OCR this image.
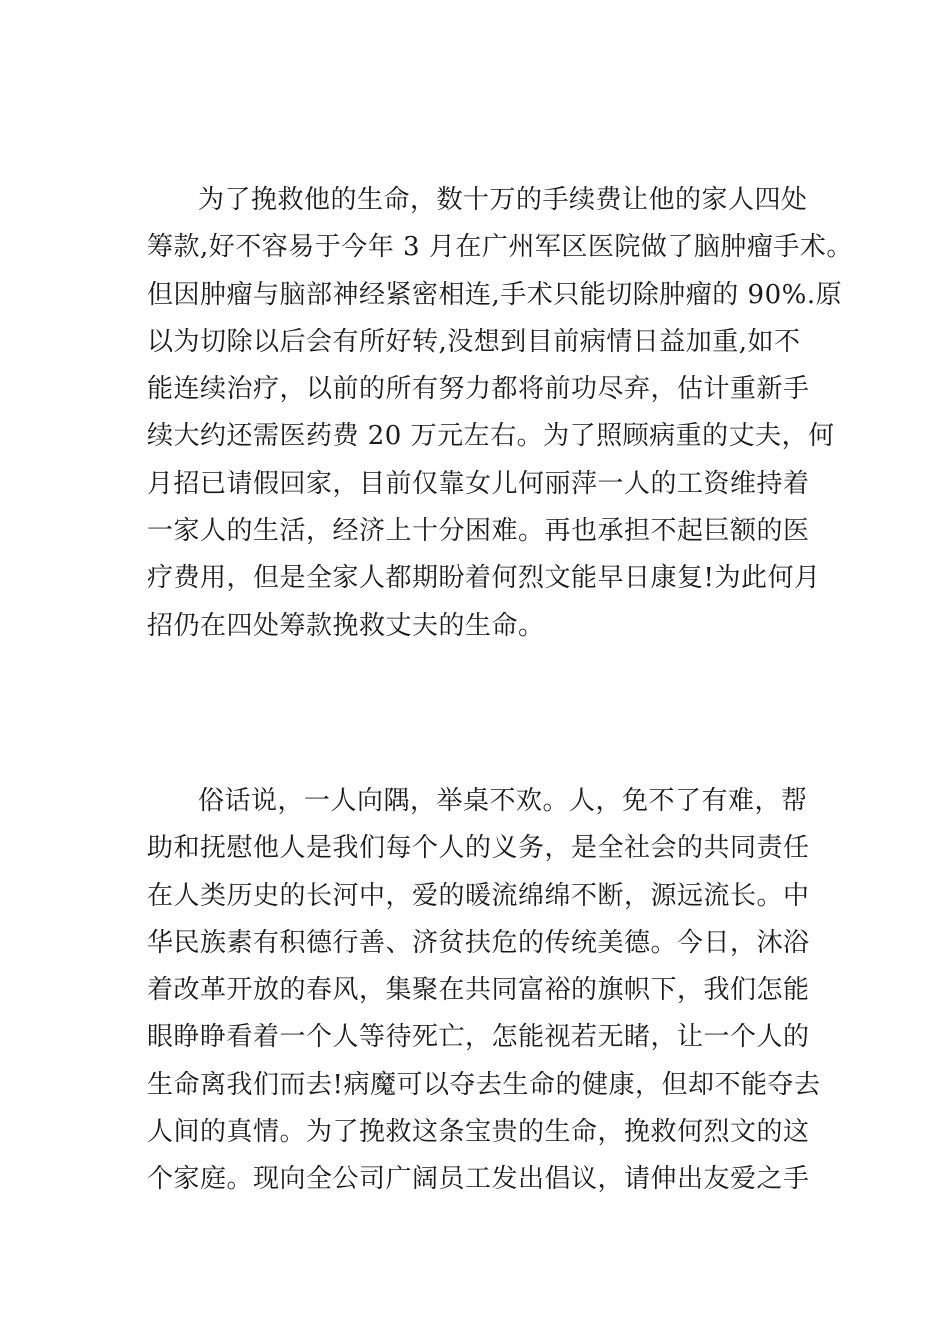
为了挽救他的生命，数十万的手续费让他的家人四处
筹款,好不容易于今年 3 月在广州军区医院做了脑肿瘤手术。
但因肿瘤与脑部神经紧密相连,手术只能切除肿瘤的 90%.原
以为切除以后会有所好转,没想到目前病情日益加重,如不
能连续治疗，以前的所有努力都将前功尽弃，估计重新手
续大约还需医药费 20 万元左右。为了照顾病重的丈夫，何
月招已请假回家，目前仅靠女儿何丽萍一人的工资维持着
一家人的生活，经济上十分困难。再也承担不起巨额的医
疗费用，但是全家人都期盼着何烈文能早日康复!为此何月
招仍在四处筹款挽救丈夫的生命。
俗话说，一人向隅，举桌不欢。人，免不了有难，帮
助和抚慰他人是我们每个人的义务，是全社会的共同责任
在人类历史的长河中，爱的暖流绵绵不断，源远流长。中
华民族素有积德行善、济贫扶危的传统美德。今日，沐浴
着改革开放的春风，集聚在共同富裕的旗帜下，我们怎能
眼睁睁看着一个人等待死亡，怎能视若无睹，让一个人的
生命离我们而去!病魔可以夺去生命的健康，但却不能夺去
人间的真情。为了挽救这条宝贵的生命，挽救何烈文的这
个家庭。现向全公司广阔员工发出倡议，请伸出友爱之手
